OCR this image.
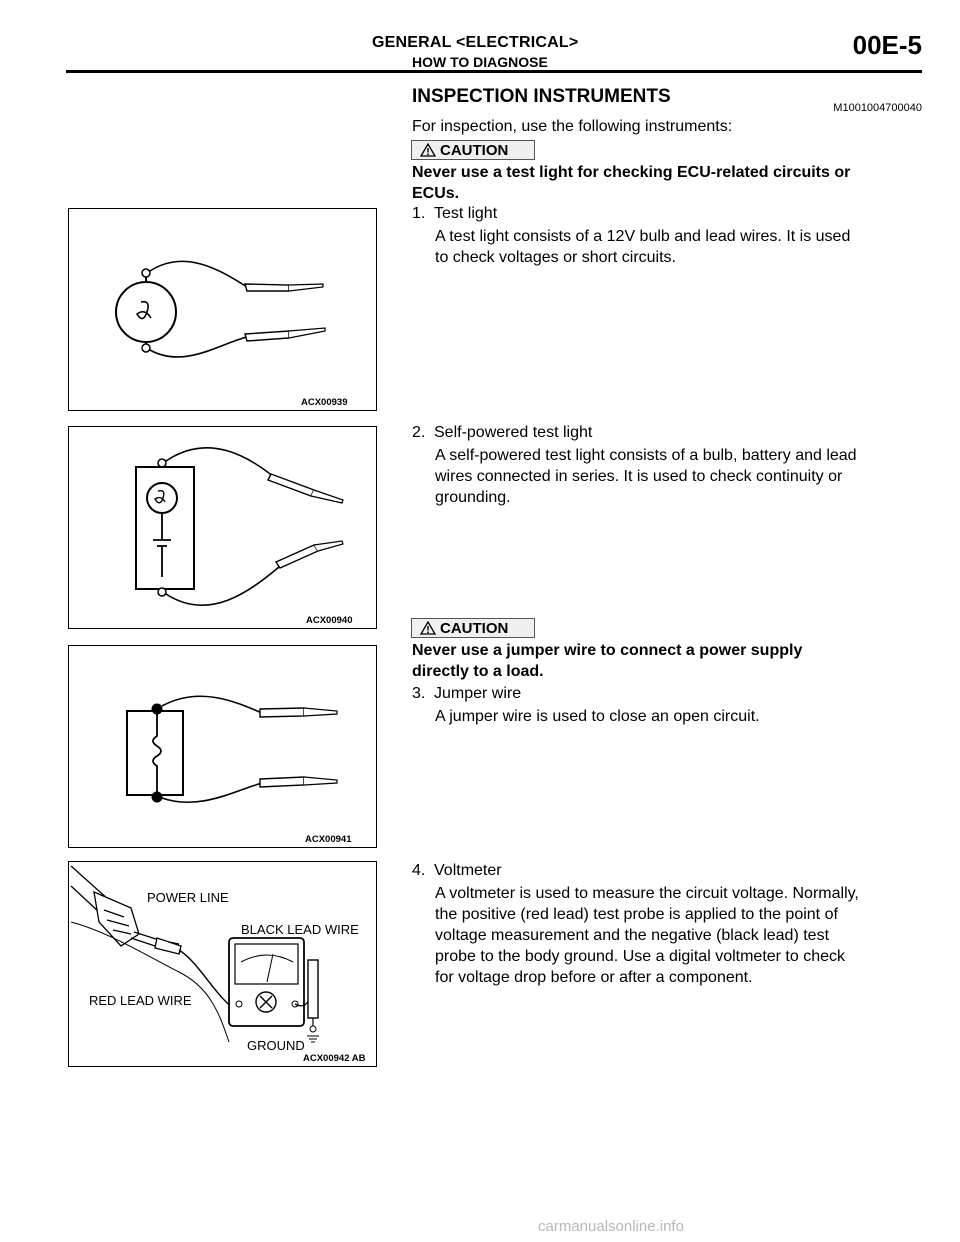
GENERAL <ELECTRICAL>
HOW TO DIAGNOSE
00E-5
INSPECTION INSTRUMENTS
M1001004700040
For inspection, use the following instruments:
CAUTION
Never use a test light for checking ECU-related circuits or
ECUs.
1. Test light
A test light consists of a 12V bulb and lead wires. It is used
to check voltages or short circuits.
2. Self-powered test light
A self-powered test light consists of a bulb, battery and lead
wires connected in series. It is used to check continuity or
grounding.
CAUTION
Never use a jumper wire to connect a power supply
directly to a load.
3. Jumper wire
A jumper wire is used to close an open circuit.
4. Voltmeter
A voltmeter is used to measure the circuit voltage. Normally,
the positive (red lead) test probe is applied to the point of
voltage measurement and the negative (black lead) test
probe to the body ground. Use a digital voltmeter to check
for voltage drop before or after a component.
ACX00939
ACX00940
ACX00941
POWER LINE
BLACK LEAD WIRE
RED LEAD WIRE
GROUND
ACX00942 AB
carmanualsonline.info
